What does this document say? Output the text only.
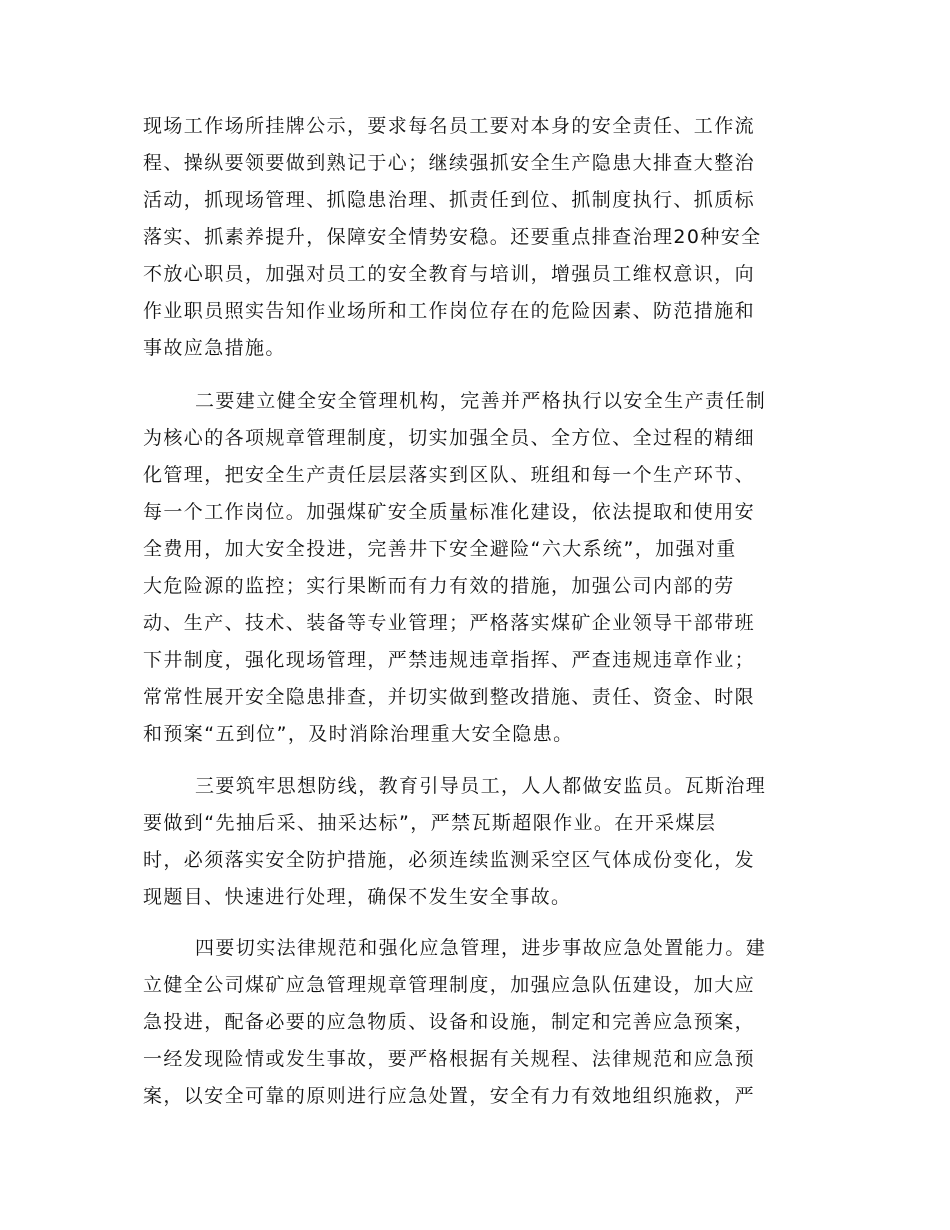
现场工作场所挂牌公示，要求每名员工要对本身的安全责任、工作流
程、操纵要领要做到熟记于心；继续强抓安全生产隐患大排查大整治
活动，抓现场管理、抓隐患治理、抓责任到位、抓制度执行、抓质标
落实、抓素养提升，保障安全情势安稳。还要重点排查治理20种安全
不放心职员，加强对员工的安全教育与培训，增强员工维权意识，向
作业职员照实告知作业场所和工作岗位存在的危险因素、防范措施和
事故应急措施。
二要建立健全安全管理机构，完善并严格执行以安全生产责任制
为核心的各项规章管理制度，切实加强全员、全方位、全过程的精细
化管理，把安全生产责任层层落实到区队、班组和每一个生产环节、
每一个工作岗位。加强煤矿安全质量标准化建设，依法提取和使用安
全费用，加大安全投进，完善井下安全避险“六大系统”，加强对重
大危险源的监控；实行果断而有力有效的措施，加强公司内部的劳
动、生产、技术、装备等专业管理；严格落实煤矿企业领导干部带班
下井制度，强化现场管理，严禁违规违章指挥、严查违规违章作业；
常常性展开安全隐患排查，并切实做到整改措施、责任、资金、时限
和预案“五到位”，及时消除治理重大安全隐患。
三要筑牢思想防线，教育引导员工，人人都做安监员。瓦斯治理
要做到“先抽后采、抽采达标”，严禁瓦斯超限作业。在开采煤层
时，必须落实安全防护措施，必须连续监测采空区气体成份变化，发
现题目、快速进行处理，确保不发生安全事故。
四要切实法律规范和强化应急管理，进步事故应急处置能力。建
立健全公司煤矿应急管理规章管理制度，加强应急队伍建设，加大应
急投进，配备必要的应急物质、设备和设施，制定和完善应急预案，
一经发现险情或发生事故，要严格根据有关规程、法律规范和应急预
案，以安全可靠的原则进行应急处置，安全有力有效地组织施救，严
